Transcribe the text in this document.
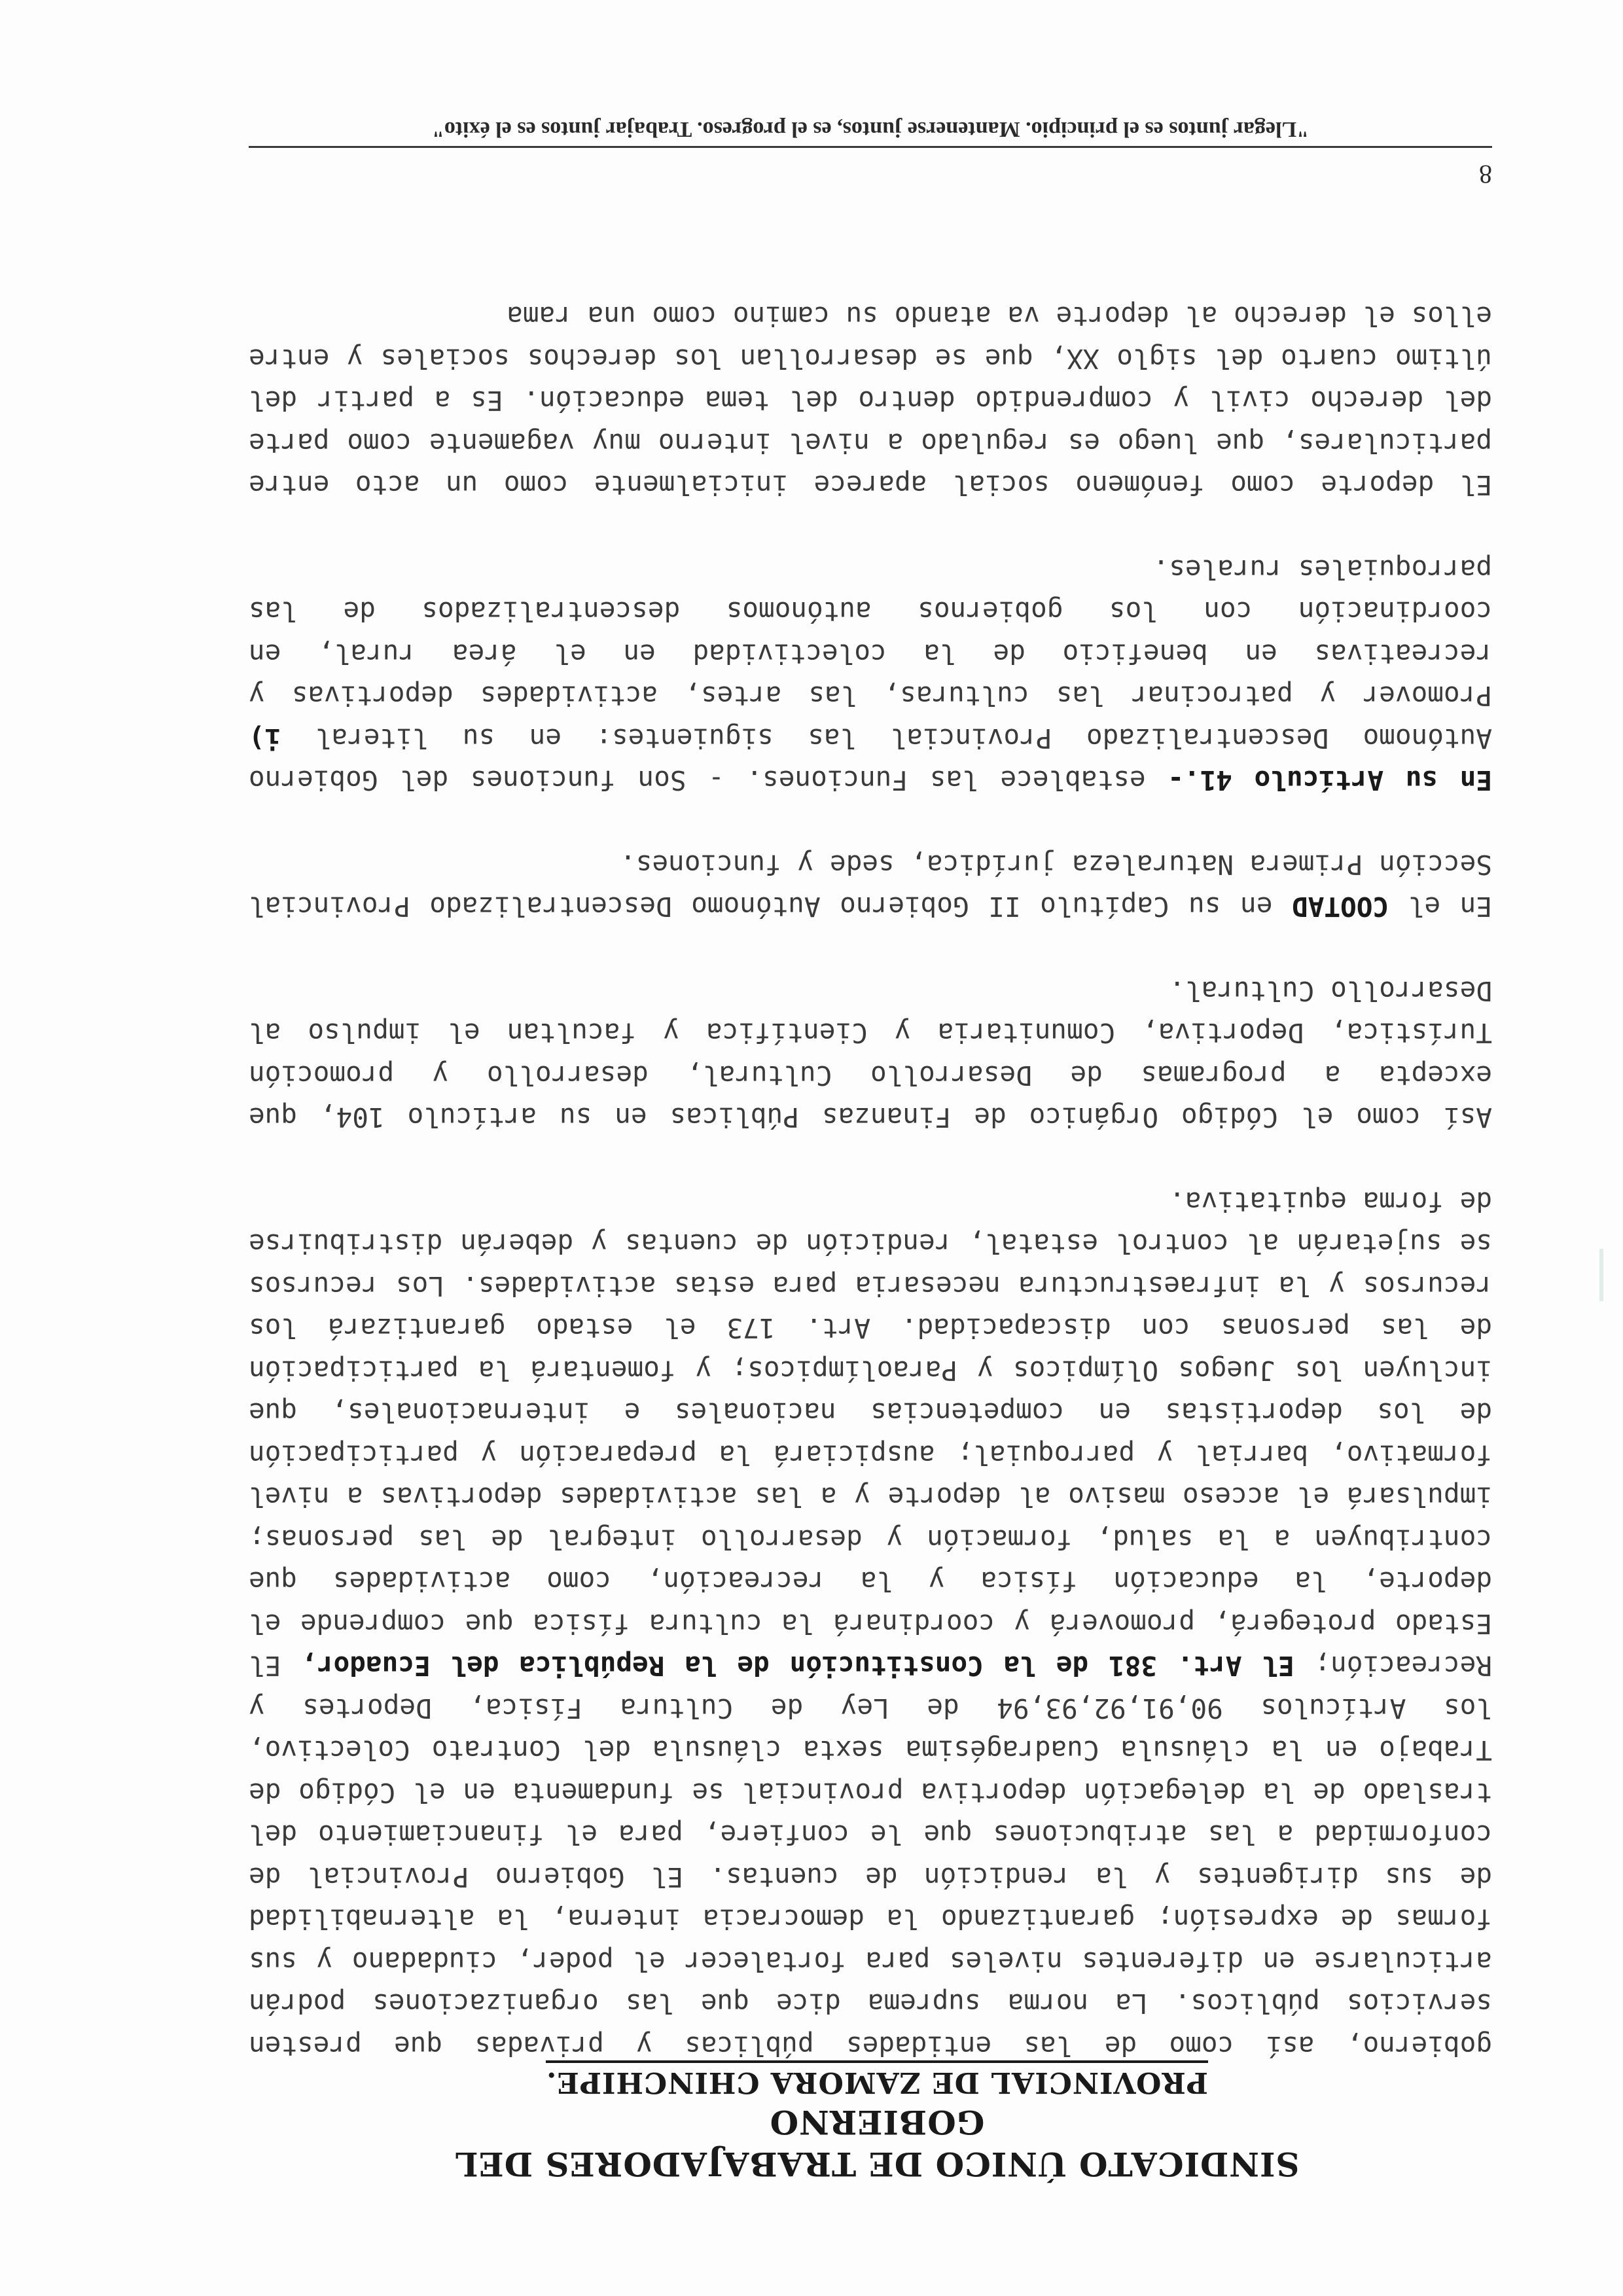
SINDICATO ÚNICO DE TRABAJADORES DEL GOBIERNO
PROVINCIAL DE ZAMORA CHINCHIPE.

gobierno, así como de las entidades públicas y privadas que presten servicios públicos. La norma suprema dice que las organizaciones podrán articularse en diferentes niveles para fortalecer el poder, ciudadano y sus formas de expresión; garantizando la democracia interna, la alternabilidad de sus dirigentes y la rendición de cuentas. El Gobierno Provincial de conformidad a las atribuciones que le confiere, para el financiamiento del traslado de la delegación deportiva provincial se fundamenta en el Código de Trabajo en la cláusula Cuadragésima sexta cláusula del Contrato Colectivo, los Artículos 90,91,92,93,94 de Ley de Cultura Física, Deportes y Recreación; El Art. 381 de la Constitución de la República del Ecuador, El Estado protegerá, promoverá y coordinará la cultura física que comprende el deporte, la educación física y la recreación, como actividades que contribuyen a la salud, formación y desarrollo integral de las personas; impulsará el acceso masivo al deporte y a las actividades deportivas a nivel formativo, barrial y parroquial; auspiciará la preparación y participación de los deportistas en competencias nacionales e internacionales, que incluyen los Juegos Olímpicos y Paraolímpicos; y fomentará la participación de las personas con discapacidad. Art. 173 el estado garantizará los recursos y la infraestructura necesaria para estas actividades. Los recursos se sujetarán al control estatal, rendición de cuentas y deberán distribuirse de forma equitativa.

Así como el Código Orgánico de Finanzas Públicas en su artículo 104, que excepta a programas de Desarrollo Cultural, desarrollo y promoción Turística, Deportiva, Comunitaria y Científica y facultan el impulso al Desarrollo Cultural.

En el COOTAD en su Capítulo II Gobierno Autónomo Descentralizado Provincial Sección Primera Naturaleza jurídica, sede y funciones.

En su Artículo 41.- establece las Funciones. - Son funciones del Gobierno Autónomo Descentralizado Provincial las siguientes: en su literal i) Promover y patrocinar las culturas, las artes, actividades deportivas y recreativas en beneficio de la colectividad en el área rural, en coordinación con los gobiernos autónomos descentralizados de las parroquiales rurales.

El deporte como fenómeno social aparece inicialmente como un acto entre particulares, que luego es regulado a nivel interno muy vagamente como parte del derecho civil y comprendido dentro del tema educación. Es a partir del último cuarto del siglo XX, que se desarrollan los derechos sociales y entre ellos el derecho al deporte va atando su camino como una rama

8
"Llegar juntos es el principio. Mantenerse juntos, es el progreso. Trabajar juntos es el éxito"
